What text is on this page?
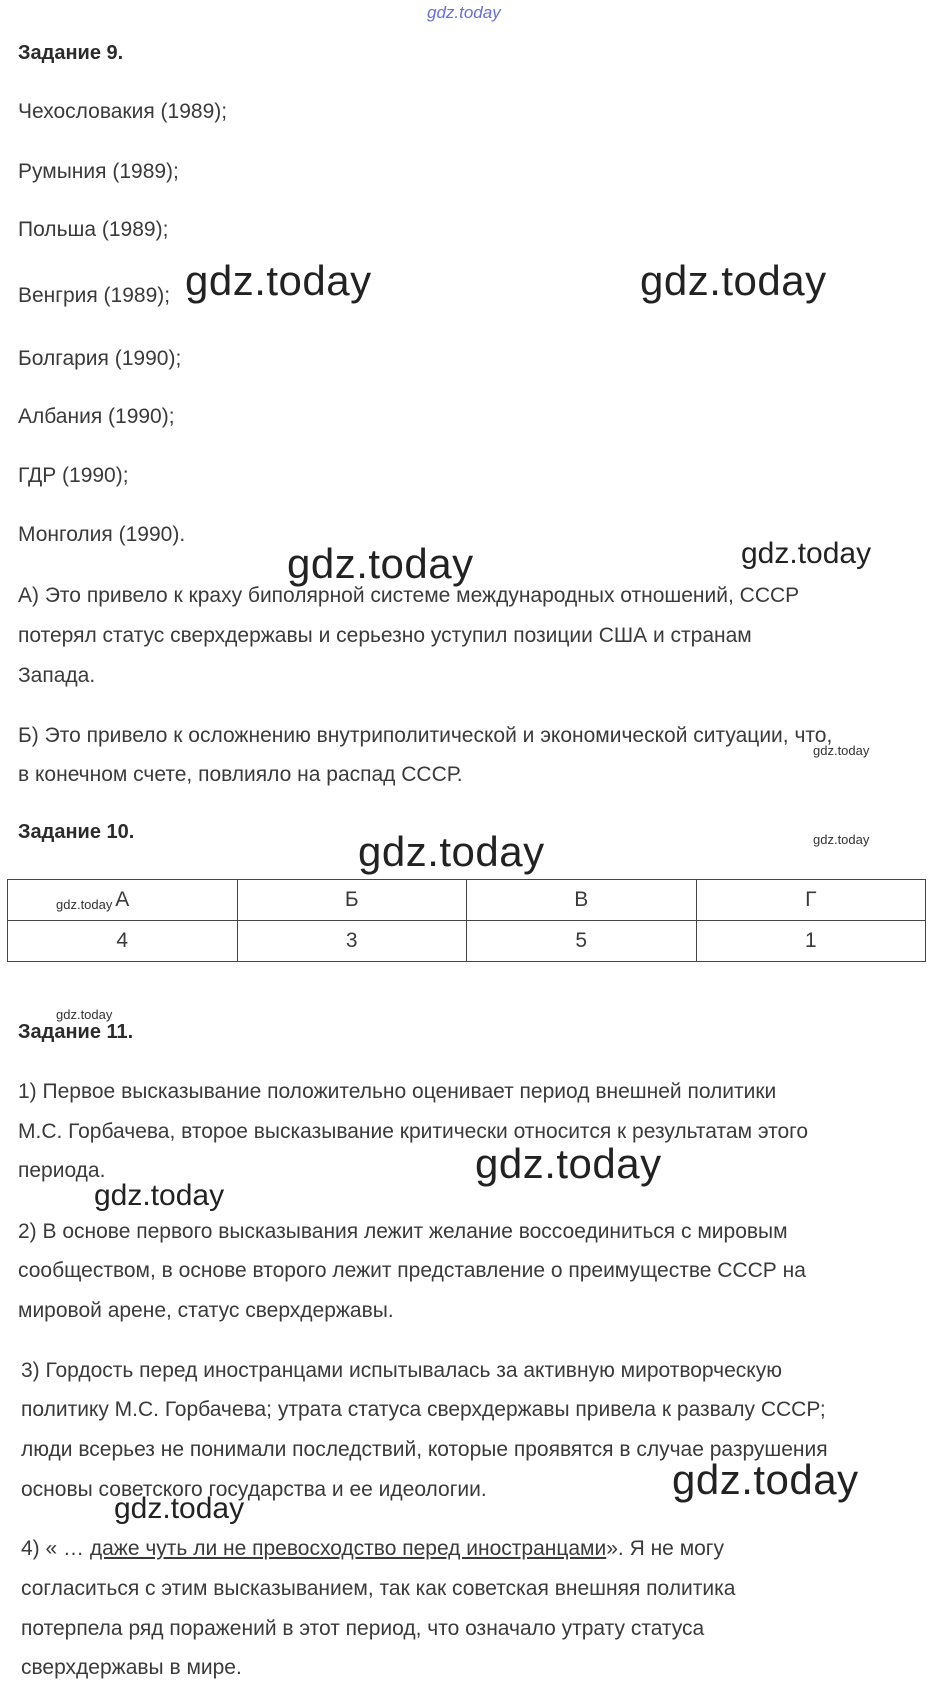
gdz.today
Задание 9.
Чехословакия (1989);
Румыния (1989);
Польша (1989);
Венгрия (1989);
Болгария (1990);
Албания (1990);
ГДР (1990);
Монголия (1990).
А) Это привело к краху биполярной системе международных отношений, СССР
потерял статус сверхдержавы и серьезно уступил позиции США и странам
Запада.
Б) Это привело к осложнению внутриполитической и экономической ситуации, что,
в конечном счете, повлияло на распад СССР.
Задание 10.
А	Б	В	Г
4	3	5	1
Задание 11.
1) Первое высказывание положительно оценивает период внешней политики
М.С. Горбачева, второе высказывание критически относится к результатам этого
периода.
2) В основе первого высказывания лежит желание воссоединиться с мировым
сообществом, в основе второго лежит представление о преимуществе СССР на
мировой арене, статус сверхдержавы.
3) Гордость перед иностранцами испытывалась за активную миротворческую
политику М.С. Горбачева; утрата статуса сверхдержавы привела к развалу СССР;
люди всерьез не понимали последствий, которые проявятся в случае разрушения
основы советского государства и ее идеологии.
4) « … даже чуть ли не превосходство перед иностранцами». Я не могу
согласиться с этим высказыванием, так как советская внешняя политика
потерпела ряд поражений в этот период, что означало утрату статуса
сверхдержавы в мире.
gdz.today	gdz.today
gdz.today	gdz.today
gdz.today
gdz.today	gdz.today
gdz.today
gdz.today
gdz.today
gdz.today
gdz.today
gdz.today
